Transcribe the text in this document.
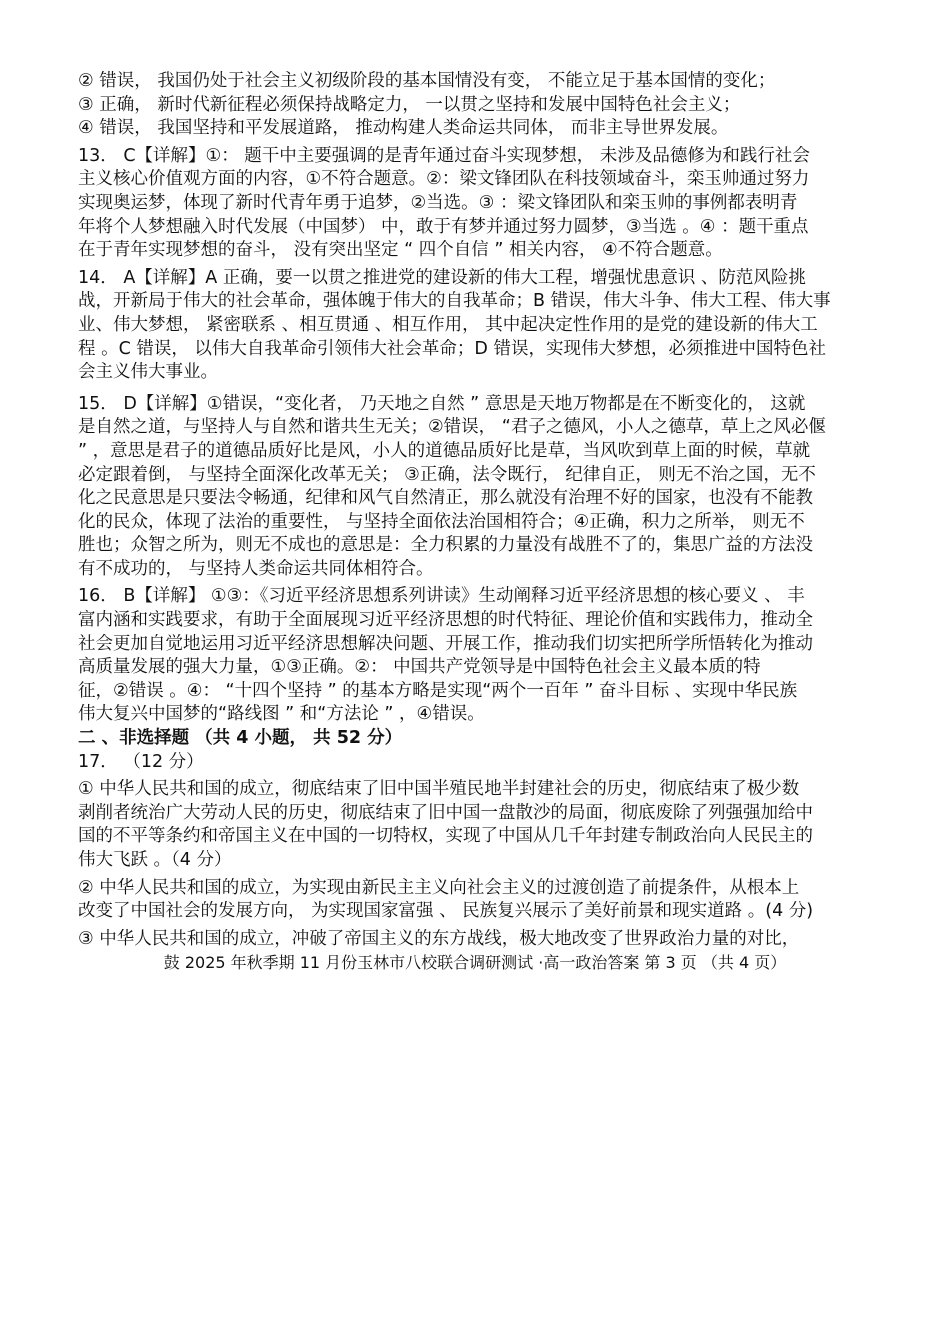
② 错误， 我国仍处于社会主义初级阶段的基本国情没有变， 不能立足于基本国情的变化；
③ 正确， 新时代新征程必须保持战略定力， 一以贯之坚持和发展中国特色社会主义；
④ 错误， 我国坚持和平发展道路， 推动构建人类命运共同体， 而非主导世界发展。
13． C【详解】①： 题干中主要强调的是青年通过奋斗实现梦想， 未涉及品德修为和践行社会
主义核心价值观方面的内容，①不符合题意。②：梁文锋团队在科技领域奋斗，栾玉帅通过努力
实现奥运梦，体现了新时代青年勇于追梦，②当选。③ ：梁文锋团队和栾玉帅的事例都表明青
年将个人梦想融入时代发展（中国梦） 中，敢于有梦并通过努力圆梦，③当选 。④ ：题干重点
在于青年实现梦想的奋斗， 没有突出坚定 “ 四个自信 ” 相关内容， ④不符合题意。
14． A【详解】A 正确，要一以贯之推进党的建设新的伟大工程，增强忧患意识 、防范风险挑
战，开新局于伟大的社会革命，强体魄于伟大的自我革命；B 错误，伟大斗争、伟大工程、伟大事
业、伟大梦想， 紧密联系 、相互贯通 、相互作用， 其中起决定性作用的是党的建设新的伟大工
程 。C 错误， 以伟大自我革命引领伟大社会革命；D 错误，实现伟大梦想，必须推进中国特色社
会主义伟大事业。
15． D【详解】①错误，“变化者， 乃天地之自然 ” 意思是天地万物都是在不断变化的， 这就
是自然之道，与坚持人与自然和谐共生无关；②错误， “君子之德风，小人之德草，草上之风必偃
” ，意思是君子的道德品质好比是风，小人的道德品质好比是草，当风吹到草上面的时候，草就
必定跟着倒， 与坚持全面深化改革无关； ③正确，法令既行， 纪律自正， 则无不治之国，无不
化之民意思是只要法令畅通，纪律和风气自然清正，那么就没有治理不好的国家，也没有不能教
化的民众，体现了法治的重要性， 与坚持全面依法治国相符合；④正确，积力之所举， 则无不
胜也；众智之所为，则无不成也的意思是：全力积累的力量没有战胜不了的，集思广益的方法没
有不成功的， 与坚持人类命运共同体相符合。
16． B【详解】 ①③：《习近平经济思想系列讲读》生动阐释习近平经济思想的核心要义 、 丰
富内涵和实践要求，有助于全面展现习近平经济思想的时代特征、理论价值和实践伟力，推动全
社会更加自觉地运用习近平经济思想解决问题、开展工作，推动我们切实把所学所悟转化为推动
高质量发展的强大力量，①③正确。②： 中国共产党领导是中国特色社会主义最本质的特
征，②错误 。④： “十四个坚持 ” 的基本方略是实现“两个一百年 ” 奋斗目标 、实现中华民族
伟大复兴中国梦的“路线图 ” 和“方法论 ” ，④错误。
二 、非选择题 （共 4 小题， 共 52 分）
17． （12 分）
① 中华人民共和国的成立，彻底结束了旧中国半殖民地半封建社会的历史，彻底结束了极少数
剥削者统治广大劳动人民的历史，彻底结束了旧中国一盘散沙的局面，彻底废除了列强强加给中
国的不平等条约和帝国主义在中国的一切特权，实现了中国从几千年封建专制政治向人民民主的
伟大飞跃 。（4 分）
② 中华人民共和国的成立，为实现由新民主主义向社会主义的过渡创造了前提条件，从根本上
改变了中国社会的发展方向， 为实现国家富强 、 民族复兴展示了美好前景和现实道路 。(4 分)
③ 中华人民共和国的成立，冲破了帝国主义的东方战线，极大地改变了世界政治力量的对比，
鼓 2025 年秋季期 11 月份玉林市八校联合调研测试 ·高一政治答案 第 3 页 （共 4 页）
